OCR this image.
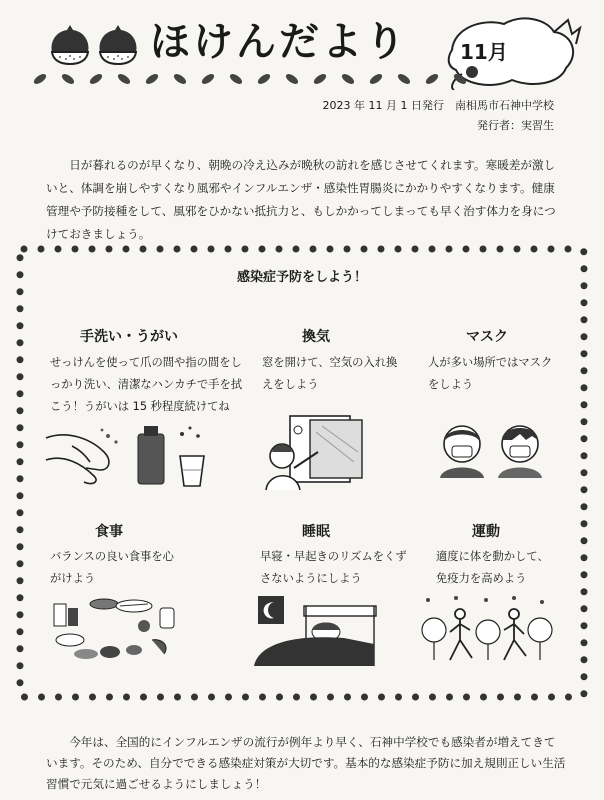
ほけんだより	11月
2023 年 11 月 1 日発行　南相馬市石神中学校
発行者：実習生
日が暮れるのが早くなり、朝晩の冷え込みが晩秋の訪れを感じさせてくれます。寒暖差が激しいと、体調を崩しやすくなり風邪やインフルエンザ・感染性胃腸炎にかかりやすくなります。健康管理や予防接種をして、風邪をひかない抵抗力と、もしかかってしまっても早く治す体力を身につけておきましょう。
感染症予防をしよう！
手洗い・うがい
せっけんを使って爪の間や指の間をしっかり洗い、清潔なハンカチで手を拭こう！うがいは 15 秒程度続けてね
換気
窓を開けて、空気の入れ換えをしよう
マスク
人が多い場所ではマスクをしよう
食事
バランスの良い食事を心がけよう
睡眠
早寝・早起きのリズムをくずさないようにしよう
運動
適度に体を動かして、免疫力を高めよう
今年は、全国的にインフルエンザの流行が例年より早く、石神中学校でも感染者が増えてきています。そのため、自分でできる感染症対策が大切です。基本的な感染症予防に加え規則正しい生活習慣で元気に過ごせるようにしましょう！
